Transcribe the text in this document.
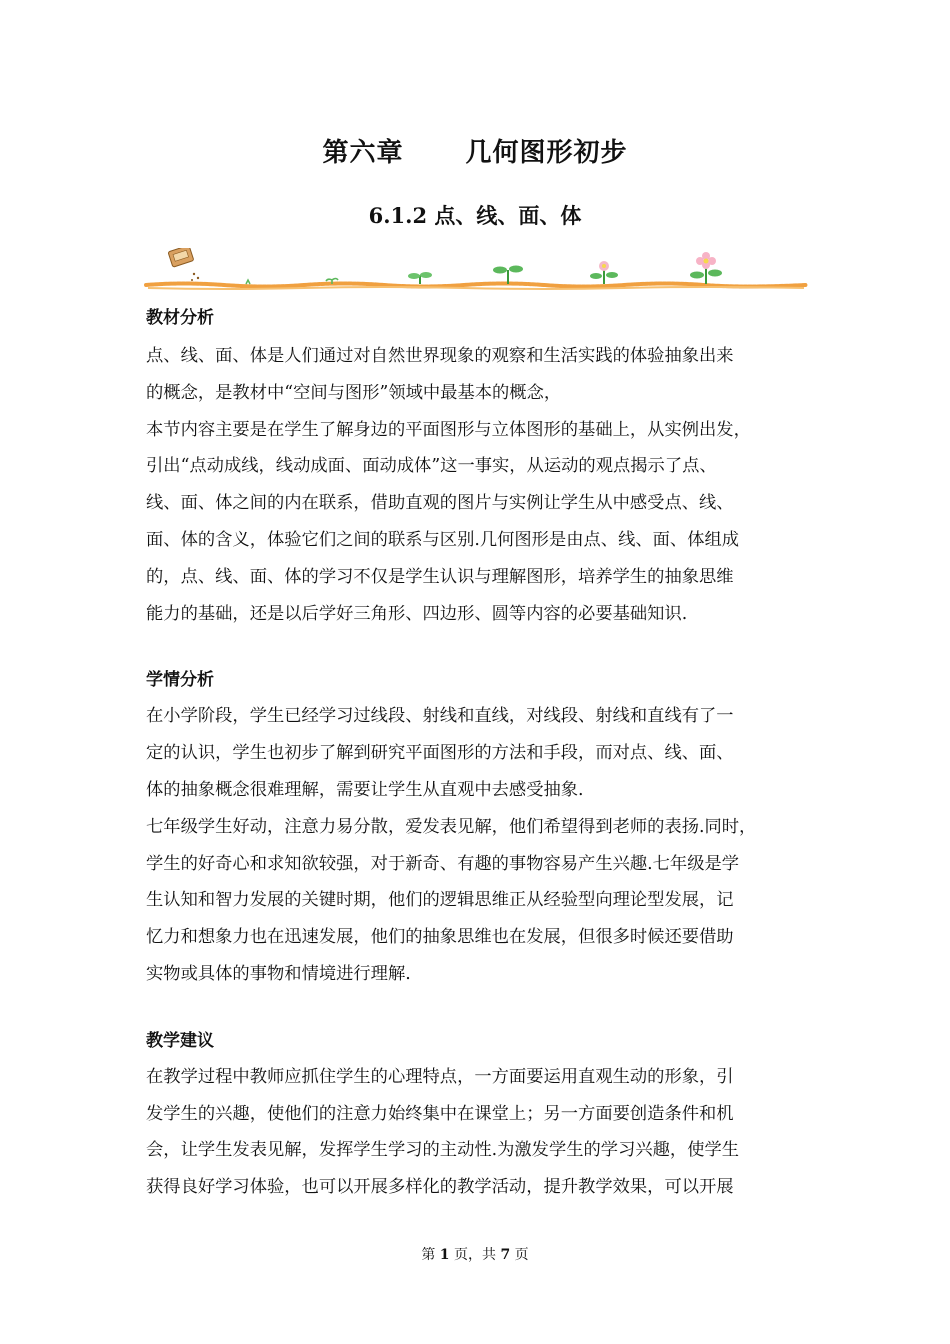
第六章 几何图形初步
6.1.2 点、线、面、体
教材分析

点、线、面、体是人们通过对自然世界现象的观察和生活实践的体验抽象出来
的概念，是教材中“空间与图形”领域中最基本的概念，

本节内容主要是在学生了解身边的平面图形与立体图形的基础上，从实例出发，
引出“点动成线，线动成面、面动成体”这一事实，从运动的观点揭示了点、
线、面、体之间的内在联系，借助直观的图片与实例让学生从中感受点、线、
面、体的含义，体验它们之间的联系与区别.几何图形是由点、线、面、体组成
的，点、线、面、体的学习不仅是学生认识与理解图形，培养学生的抽象思维
能力的基础，还是以后学好三角形、四边形、圆等内容的必要基础知识.

学情分析

在小学阶段，学生已经学习过线段、射线和直线，对线段、射线和直线有了一
定的认识，学生也初步了解到研究平面图形的方法和手段，而对点、线、面、
体的抽象概念很难理解，需要让学生从直观中去感受抽象.

七年级学生好动，注意力易分散，爱发表见解，他们希望得到老师的表扬.同时，
学生的好奇心和求知欲较强，对于新奇、有趣的事物容易产生兴趣.七年级是学
生认知和智力发展的关键时期，他们的逻辑思维正从经验型向理论型发展，记
忆力和想象力也在迅速发展，他们的抽象思维也在发展，但很多时候还要借助
实物或具体的事物和情境进行理解.

教学建议

在教学过程中教师应抓住学生的心理特点，一方面要运用直观生动的形象，引
发学生的兴趣，使他们的注意力始终集中在课堂上；另一方面要创造条件和机
会，让学生发表见解，发挥学生学习的主动性.为激发学生的学习兴趣，使学生
获得良好学习体验，也可以开展多样化的教学活动，提升教学效果，可以开展

第 1 页，共 7 页
